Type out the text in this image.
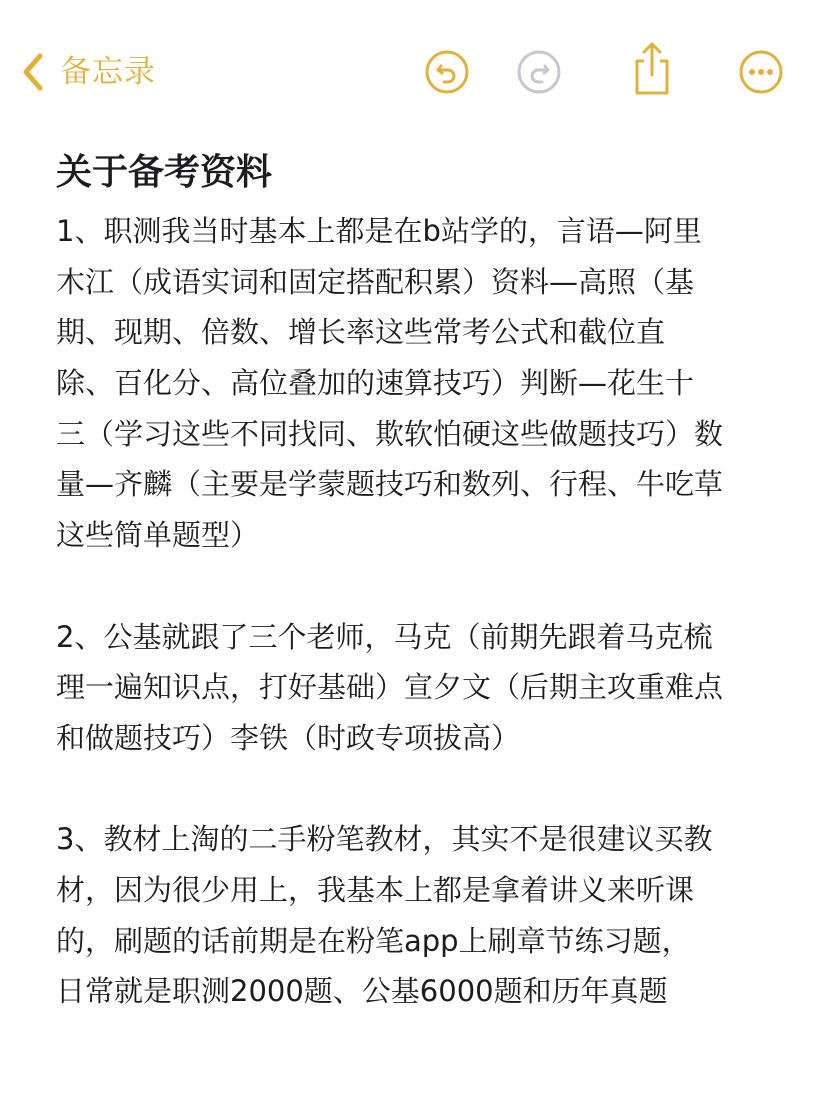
备忘录
关于备考资料
1、职测我当时基本上都是在b站学的，言语—阿里
木江（成语实词和固定搭配积累）资料—高照（基
期、现期、倍数、增长率这些常考公式和截位直
除、百化分、高位叠加的速算技巧）判断—花生十
三（学习这些不同找同、欺软怕硬这些做题技巧）数
量—齐麟（主要是学蒙题技巧和数列、行程、牛吃草
这些简单题型）
2、公基就跟了三个老师，马克（前期先跟着马克梳
理一遍知识点，打好基础）宣夕文（后期主攻重难点
和做题技巧）李铁（时政专项拔高）
3、教材上淘的二手粉笔教材，其实不是很建议买教
材，因为很少用上，我基本上都是拿着讲义来听课
的，刷题的话前期是在粉笔app上刷章节练习题，
日常就是职测2000题、公基6000题和历年真题
